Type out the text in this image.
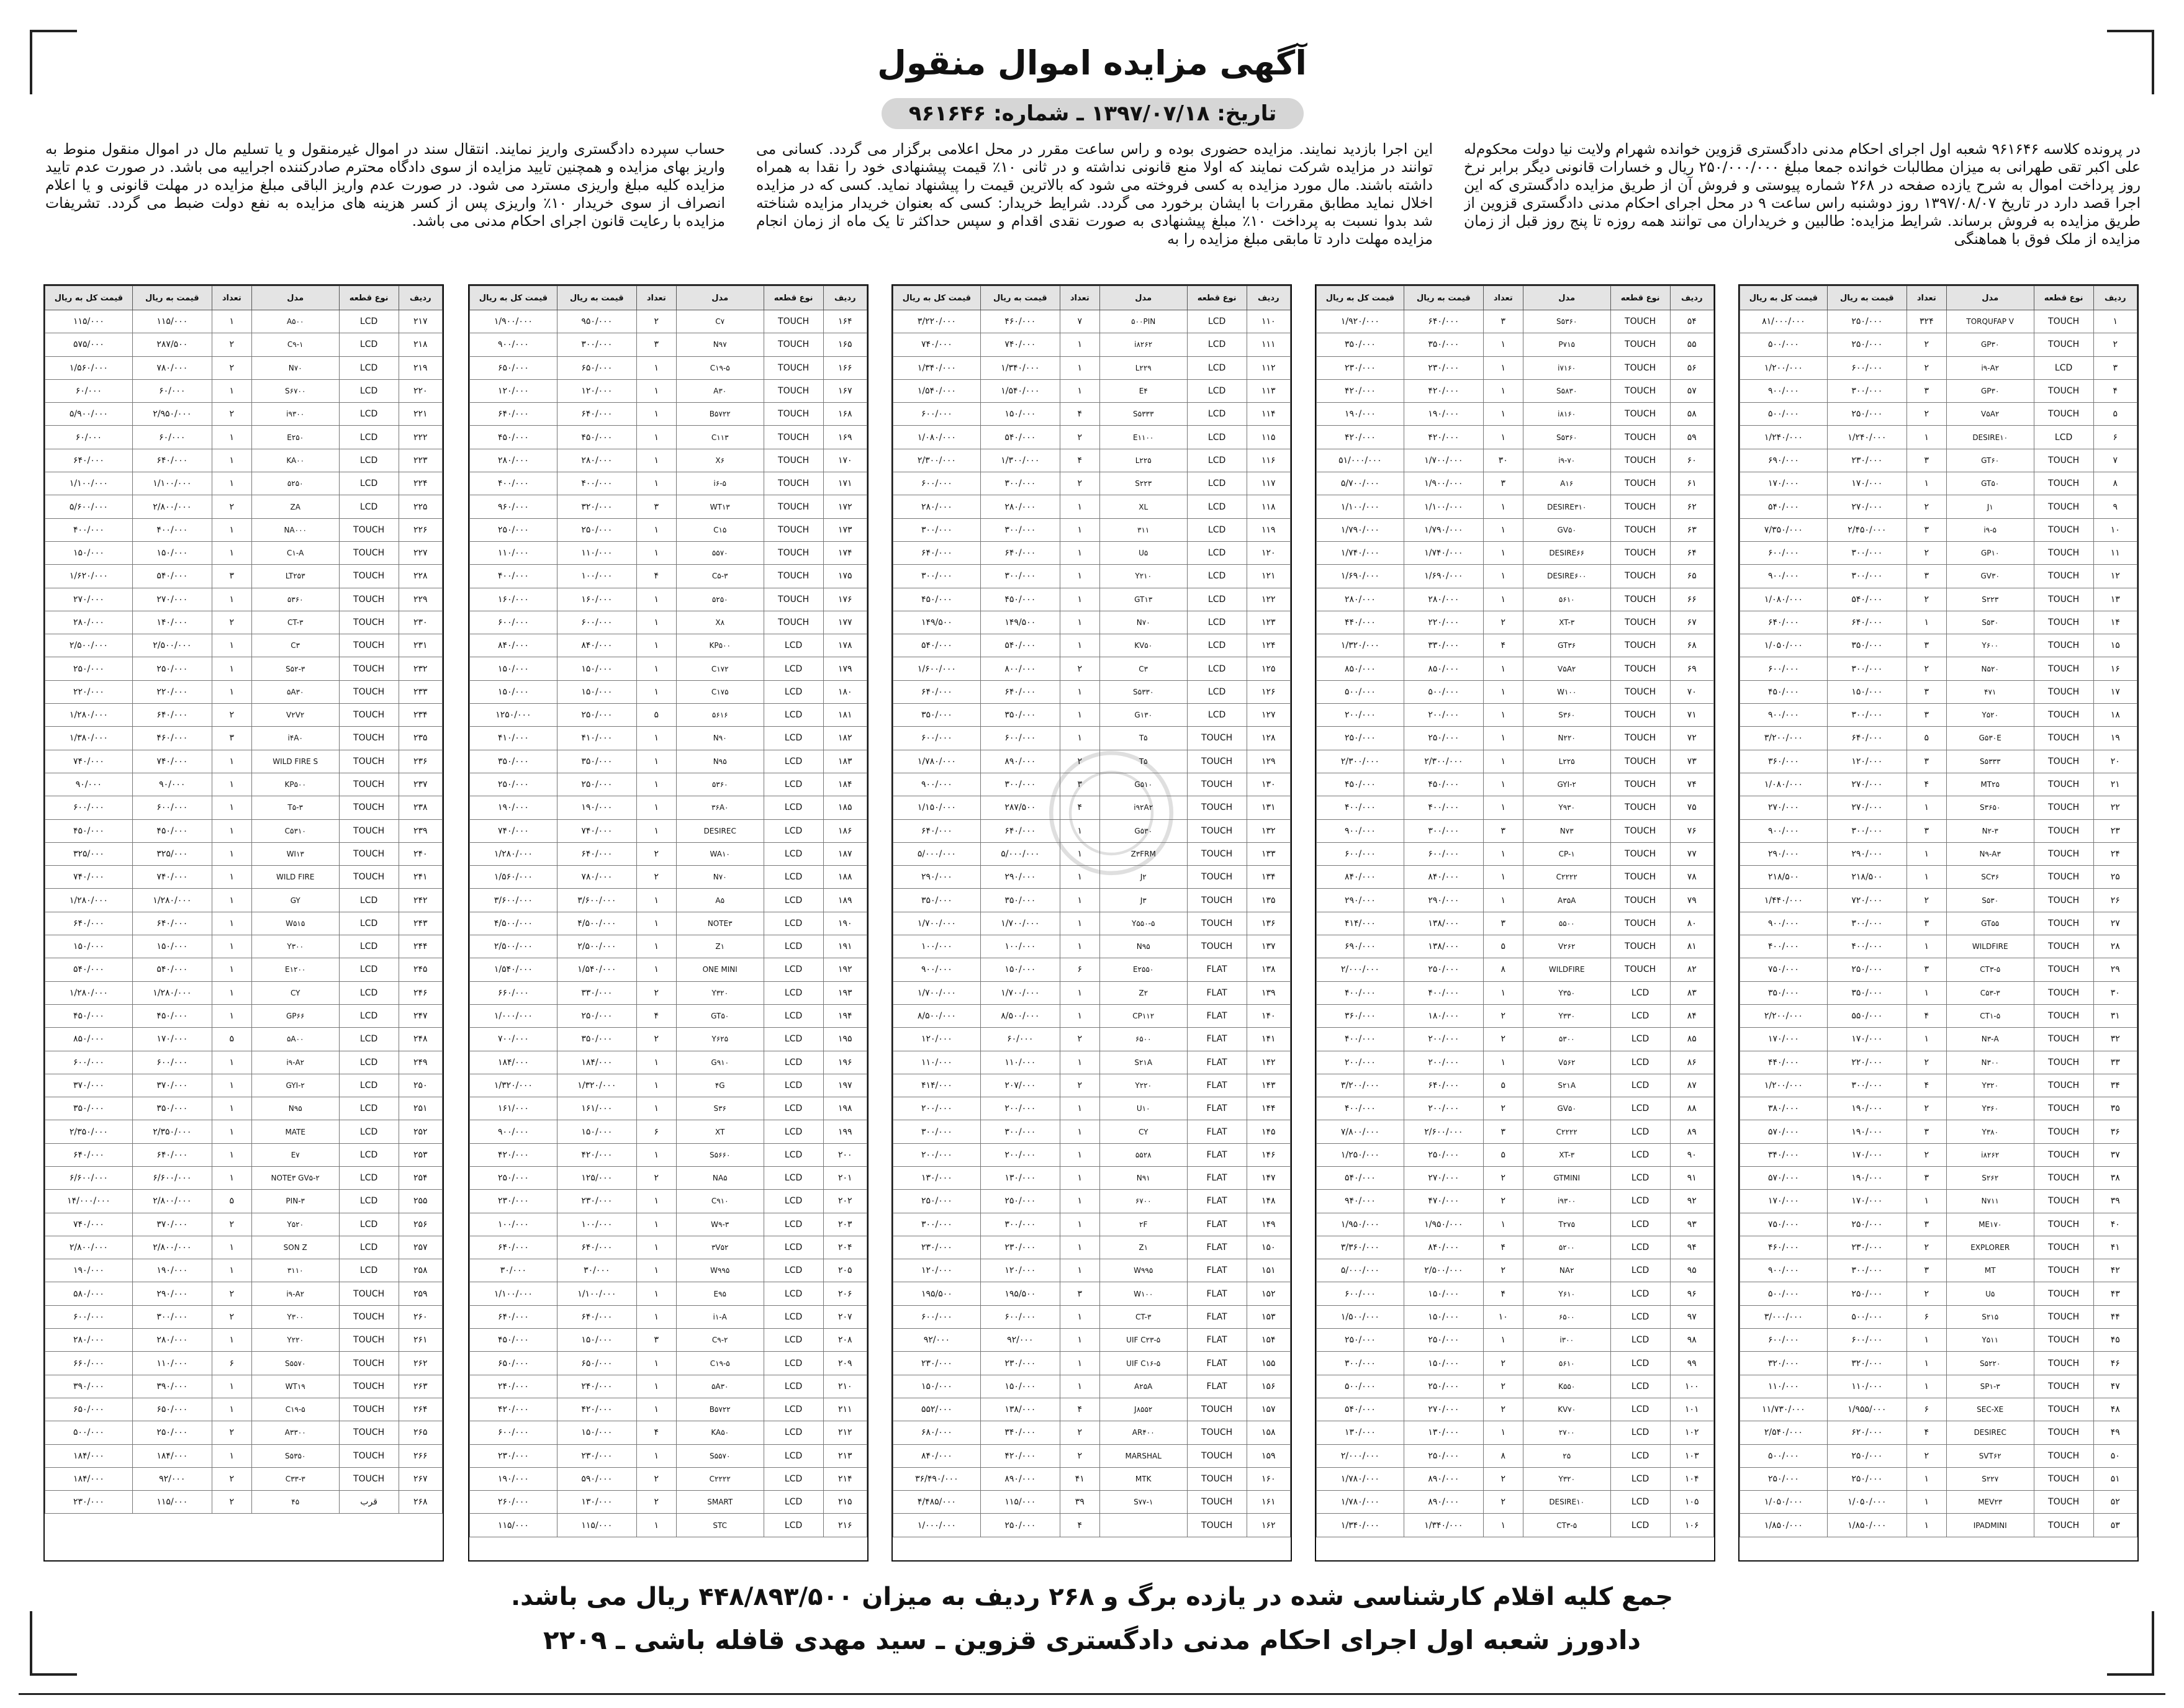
آگهی مزایده اموال منقول
تاریخ: ۱۳۹۷/۰۷/۱۸ ـ شماره: ۹۶۱۶۴۶
در پرونده کلاسه ۹۶۱۶۴۶ شعبه اول اجرای احکام مدنی دادگستری قزوین خوانده شهرام ولایت نیا دولت محکوم‌له علی اکبر تقی طهرانی به میزان مطالبات خوانده جمعا مبلغ ۲۵۰/۰۰۰/۰۰۰ ریال و خسارات قانونی دیگر برابر نرخ روز پرداخت اموال به شرح یازده صفحه در ۲۶۸ شماره پیوستی و فروش آن از طریق مزایده دادگستری که این اجرا قصد دارد در تاریخ ۱۳۹۷/۰۸/۰۷ روز دوشنبه راس ساعت ۹ در محل اجرای احکام مدنی دادگستری قزوین از طریق مزایده به فروش برساند. شرایط مزایده: طالبین و خریداران می توانند همه روزه تا پنج روز قبل از زمان مزایده از ملک فوق با هماهنگی
این اجرا بازدید نمایند. مزایده حضوری بوده و راس ساعت مقرر در محل اعلامی برگزار می گردد. کسانی می توانند در مزایده شرکت نمایند که اولا منع قانونی نداشته و در ثانی ۱۰٪ قیمت پیشنهادی خود را نقدا به همراه داشته باشند. مال مورد مزایده به کسی فروخته می شود که بالاترین قیمت را پیشنهاد نماید. کسی که در مزایده اخلال نماید مطابق مقررات با ایشان برخورد می گردد. شرایط خریدار: کسی که بعنوان خریدار مزایده شناخته شد بدوا نسبت به پرداخت ۱۰٪ مبلغ پیشنهادی به صورت نقدی اقدام و سپس حداکثر تا یک ماه از زمان انجام مزایده مهلت دارد تا مابقی مبلغ مزایده را به
حساب سپرده دادگستری واریز نمایند. انتقال سند در اموال غیرمنقول و یا تسلیم مال در اموال منقول منوط به واریز بهای مزایده و همچنین تایید مزایده از سوی دادگاه محترم صادرکننده اجراییه می باشد. در صورت عدم تایید مزایده کلیه مبلغ واریزی مسترد می شود. در صورت عدم واریز الباقی مبلغ مزایده در مهلت قانونی و یا اعلام انصراف از سوی خریدار ۱۰٪ واریزی پس از کسر هزینه های مزایده به نفع دولت ضبط می گردد. تشریفات مزایده با رعایت قانون اجرای احکام مدنی می باشد.
ردیف	نوع قطعه	مدل	تعداد	قیمت به ریال	قیمت کل به ریال
۱	TOUCH	TORQUFAP V	۳۲۴	۲۵۰/۰۰۰	۸۱/۰۰۰/۰۰۰
۲	TOUCH	GP۳۰	۲	۲۵۰/۰۰۰	۵۰۰/۰۰۰
۳	LCD	i۹-A۲	۲	۶۰۰/۰۰۰	۱/۲۰۰/۰۰۰
۴	TOUCH	GP۳۰	۳	۳۰۰/۰۰۰	۹۰۰/۰۰۰
۵	TOUCH	V۵A۲	۲	۲۵۰/۰۰۰	۵۰۰/۰۰۰
۶	LCD	DESIRE۱۰	۱	۱/۲۴۰/۰۰۰	۱/۲۴۰/۰۰۰
۷	TOUCH	GT۶۰	۳	۲۳۰/۰۰۰	۶۹۰/۰۰۰
۸	TOUCH	GT۵۰	۱	۱۷۰/۰۰۰	۱۷۰/۰۰۰
۹	TOUCH	J۱	۲	۲۷۰/۰۰۰	۵۴۰/۰۰۰
۱۰	TOUCH	i۹-۵	۳	۲/۴۵۰/۰۰۰	۷/۳۵۰/۰۰۰
۱۱	TOUCH	GP۱۰	۲	۳۰۰/۰۰۰	۶۰۰/۰۰۰
۱۲	TOUCH	GV۳۰	۳	۳۰۰/۰۰۰	۹۰۰/۰۰۰
۱۳	TOUCH	S۲۲۳	۲	۵۴۰/۰۰۰	۱/۰۸۰/۰۰۰
۱۴	TOUCH	S۵۳۰	۱	۶۴۰/۰۰۰	۶۴۰/۰۰۰
۱۵	TOUCH	Y۶۰۰	۳	۳۵۰/۰۰۰	۱/۰۵۰/۰۰۰
۱۶	TOUCH	N۵۲۰	۲	۳۰۰/۰۰۰	۶۰۰/۰۰۰
۱۷	TOUCH	۴۷۱	۳	۱۵۰/۰۰۰	۴۵۰/۰۰۰
۱۸	TOUCH	Y۵۲۰	۳	۳۰۰/۰۰۰	۹۰۰/۰۰۰
۱۹	TOUCH	G۵۳۰E	۵	۶۴۰/۰۰۰	۳/۲۰۰/۰۰۰
۲۰	TOUCH	S۵۳۳۳	۳	۱۲۰/۰۰۰	۳۶۰/۰۰۰
۲۱	TOUCH	MT۲۵	۴	۲۷۰/۰۰۰	۱/۰۸۰/۰۰۰
۲۲	TOUCH	S۳۶۵۰	۱	۲۷۰/۰۰۰	۲۷۰/۰۰۰
۲۳	TOUCH	N۲-۳	۳	۳۰۰/۰۰۰	۹۰۰/۰۰۰
۲۴	TOUCH	N۹-A۳	۱	۲۹۰/۰۰۰	۲۹۰/۰۰۰
۲۵	TOUCH	SC۳۶	۱	۲۱۸/۵۰۰	۲۱۸/۵۰۰
۲۶	TOUCH	S۵۳۰	۲	۷۲۰/۰۰۰	۱/۴۴۰/۰۰۰
۲۷	TOUCH	GT۵۵	۳	۳۰۰/۰۰۰	۹۰۰/۰۰۰
۲۸	TOUCH	WILDFIRE	۱	۴۰۰/۰۰۰	۴۰۰/۰۰۰
۲۹	TOUCH	CT۳-۵	۳	۲۵۰/۰۰۰	۷۵۰/۰۰۰
۳۰	TOUCH	C۵۳-۳	۱	۳۵۰/۰۰۰	۳۵۰/۰۰۰
۳۱	TOUCH	CT۱-۵	۴	۵۵۰/۰۰۰	۲/۲۰۰/۰۰۰
۳۲	TOUCH	N۳-A	۱	۱۷۰/۰۰۰	۱۷۰/۰۰۰
۳۳	TOUCH	N۳۰۰	۲	۲۲۰/۰۰۰	۴۴۰/۰۰۰
۳۴	TOUCH	Y۳۲۰	۴	۳۰۰/۰۰۰	۱/۲۰۰/۰۰۰
۳۵	TOUCH	Y۳۶۰	۲	۱۹۰/۰۰۰	۳۸۰/۰۰۰
۳۶	TOUCH	Y۳۸۰	۳	۱۹۰/۰۰۰	۵۷۰/۰۰۰
۳۷	TOUCH	i۸۲۶۲	۲	۱۷۰/۰۰۰	۳۴۰/۰۰۰
۳۸	TOUCH	S۲۶۲	۳	۱۹۰/۰۰۰	۵۷۰/۰۰۰
۳۹	TOUCH	N۷۱۱	۱	۱۷۰/۰۰۰	۱۷۰/۰۰۰
۴۰	TOUCH	ME۱۷۰	۳	۲۵۰/۰۰۰	۷۵۰/۰۰۰
۴۱	TOUCH	EXPLORER	۲	۲۳۰/۰۰۰	۴۶۰/۰۰۰
۴۲	TOUCH	MT	۳	۳۰۰/۰۰۰	۹۰۰/۰۰۰
۴۳	TOUCH	U۵	۲	۲۵۰/۰۰۰	۵۰۰/۰۰۰
۴۴	TOUCH	S۲۱۵	۶	۵۰۰/۰۰۰	۳/۰۰۰/۰۰۰
۴۵	TOUCH	Y۵۱۱	۱	۶۰۰/۰۰۰	۶۰۰/۰۰۰
۴۶	TOUCH	S۵۲۲۰	۱	۳۲۰/۰۰۰	۳۲۰/۰۰۰
۴۷	TOUCH	SP۱-۳	۱	۱۱۰/۰۰۰	۱۱۰/۰۰۰
۴۸	TOUCH	SEC-XE	۶	۱/۹۵۵/۰۰۰	۱۱/۷۳۰/۰۰۰
۴۹	TOUCH	DESIREC	۴	۶۲۰/۰۰۰	۲/۵۴۰/۰۰۰
۵۰	TOUCH	SVT۶۲	۲	۲۵۰/۰۰۰	۵۰۰/۰۰۰
۵۱	TOUCH	S۲۲۷	۱	۲۵۰/۰۰۰	۲۵۰/۰۰۰
۵۲	TOUCH	MEV۲۳	۱	۱/۰۵۰/۰۰۰	۱/۰۵۰/۰۰۰
۵۳	TOUCH	IPADMINI	۱	۱/۸۵۰/۰۰۰	۱/۸۵۰/۰۰۰
ردیف	نوع قطعه	مدل	تعداد	قیمت به ریال	قیمت کل به ریال
۵۴	TOUCH	S۵۳۶۰	۳	۶۴۰/۰۰۰	۱/۹۲۰/۰۰۰
۵۵	TOUCH	P۷۱۵	۱	۳۵۰/۰۰۰	۳۵۰/۰۰۰
۵۶	TOUCH	i۷۱۶۰	۱	۲۳۰/۰۰۰	۲۳۰/۰۰۰
۵۷	TOUCH	S۵۸۳۰	۱	۴۲۰/۰۰۰	۴۲۰/۰۰۰
۵۸	TOUCH	i۸۱۶۰	۱	۱۹۰/۰۰۰	۱۹۰/۰۰۰
۵۹	TOUCH	S۵۳۶۰	۱	۴۲۰/۰۰۰	۴۲۰/۰۰۰
۶۰	TOUCH	i۹-۷۰	۳۰	۱/۷۰۰/۰۰۰	۵۱/۰۰۰/۰۰۰
۶۱	TOUCH	A۱۶	۳	۱/۹۰۰/۰۰۰	۵/۷۰۰/۰۰۰
۶۲	TOUCH	DESIRE۳۱۰	۱	۱/۱۰۰/۰۰۰	۱/۱۰۰/۰۰۰
۶۳	TOUCH	GV۵۰	۱	۱/۷۹۰/۰۰۰	۱/۷۹۰/۰۰۰
۶۴	TOUCH	DESIRE۶۶	۱	۱/۷۴۰/۰۰۰	۱/۷۴۰/۰۰۰
۶۵	TOUCH	DESIRE۶۰۰	۱	۱/۶۹۰/۰۰۰	۱/۶۹۰/۰۰۰
۶۶	TOUCH	۵۶۱۰	۱	۲۸۰/۰۰۰	۲۸۰/۰۰۰
۶۷	TOUCH	XT-۳	۲	۲۲۰/۰۰۰	۴۴۰/۰۰۰
۶۸	TOUCH	GT۳۶	۴	۳۳۰/۰۰۰	۱/۳۲۰/۰۰۰
۶۹	TOUCH	V۵A۲	۱	۸۵۰/۰۰۰	۸۵۰/۰۰۰
۷۰	TOUCH	W۱۰۰	۱	۵۰۰/۰۰۰	۵۰۰/۰۰۰
۷۱	TOUCH	S۳۶۰	۱	۲۰۰/۰۰۰	۲۰۰/۰۰۰
۷۲	TOUCH	N۲۲۰	۱	۲۵۰/۰۰۰	۲۵۰/۰۰۰
۷۳	TOUCH	L۲۲۵	۱	۲/۳۰۰/۰۰۰	۲/۳۰۰/۰۰۰
۷۴	TOUCH	GYI-۲	۱	۴۵۰/۰۰۰	۴۵۰/۰۰۰
۷۵	TOUCH	Y۹۳۰	۱	۴۰۰/۰۰۰	۴۰۰/۰۰۰
۷۶	TOUCH	N۷۳	۳	۳۰۰/۰۰۰	۹۰۰/۰۰۰
۷۷	TOUCH	CP-۱	۱	۶۰۰/۰۰۰	۶۰۰/۰۰۰
۷۸	TOUCH	C۲۲۲۲	۱	۸۴۰/۰۰۰	۸۴۰/۰۰۰
۷۹	TOUCH	A۳۵A	۱	۲۹۰/۰۰۰	۲۹۰/۰۰۰
۸۰	TOUCH	۵۵۰۰	۳	۱۳۸/۰۰۰	۴۱۴/۰۰۰
۸۱	TOUCH	V۲۶۲	۵	۱۳۸/۰۰۰	۶۹۰/۰۰۰
۸۲	TOUCH	WILDFIRE	۸	۲۵۰/۰۰۰	۲/۰۰۰/۰۰۰
۸۳	LCD	Y۳۵۰	۱	۴۰۰/۰۰۰	۴۰۰/۰۰۰
۸۴	LCD	Y۳۳۰	۲	۱۸۰/۰۰۰	۳۶۰/۰۰۰
۸۵	LCD	۵۳۰۰	۲	۲۰۰/۰۰۰	۴۰۰/۰۰۰
۸۶	LCD	V۵۶۲	۱	۲۰۰/۰۰۰	۲۰۰/۰۰۰
۸۷	LCD	S۲۱A	۵	۶۴۰/۰۰۰	۳/۲۰۰/۰۰۰
۸۸	LCD	GV۵۰	۲	۲۰۰/۰۰۰	۴۰۰/۰۰۰
۸۹	LCD	C۲۲۲۲	۳	۲/۶۰۰/۰۰۰	۷/۸۰۰/۰۰۰
۹۰	LCD	XT-۳	۵	۲۵۰/۰۰۰	۱/۲۵۰/۰۰۰
۹۱	LCD	GTMINI	۲	۲۷۰/۰۰۰	۵۴۰/۰۰۰
۹۲	LCD	i۹۳۰۰	۲	۴۷۰/۰۰۰	۹۴۰/۰۰۰
۹۳	LCD	T۲۷۵	۱	۱/۹۵۰/۰۰۰	۱/۹۵۰/۰۰۰
۹۴	LCD	۵۲۰۰	۴	۸۴۰/۰۰۰	۳/۳۶۰/۰۰۰
۹۵	LCD	NA۲	۲	۲/۵۰۰/۰۰۰	۵/۰۰۰/۰۰۰
۹۶	LCD	Y۶۱۰	۴	۱۵۰/۰۰۰	۶۰۰/۰۰۰
۹۷	LCD	۶۵۰۰	۱۰	۱۵۰/۰۰۰	۱/۵۰۰/۰۰۰
۹۸	LCD	i۳۰۰	۱	۲۵۰/۰۰۰	۲۵۰/۰۰۰
۹۹	LCD	۵۶۱۰	۲	۱۵۰/۰۰۰	۳۰۰/۰۰۰
۱۰۰	LCD	K۵۵۰	۲	۲۵۰/۰۰۰	۵۰۰/۰۰۰
۱۰۱	LCD	KV۷۰	۲	۲۷۰/۰۰۰	۵۴۰/۰۰۰
۱۰۲	LCD	۲۷۰۰	۱	۱۳۰/۰۰۰	۱۳۰/۰۰۰
۱۰۳	LCD	۲۵	۸	۲۵۰/۰۰۰	۲/۰۰۰/۰۰۰
۱۰۴	LCD	Y۳۲۰	۲	۸۹۰/۰۰۰	۱/۷۸۰/۰۰۰
۱۰۵	LCD	DESIRE۱۰	۲	۸۹۰/۰۰۰	۱/۷۸۰/۰۰۰
۱۰۶	LCD	CT۳-۵	۱	۱/۳۴۰/۰۰۰	۱/۳۴۰/۰۰۰
ردیف	نوع قطعه	مدل	تعداد	قیمت به ریال	قیمت کل به ریال
۱۱۰	LCD	۵۰۰PIN	۷	۴۶۰/۰۰۰	۳/۲۲۰/۰۰۰
۱۱۱	LCD	i۸۲۶۲	۱	۷۴۰/۰۰۰	۷۴۰/۰۰۰
۱۱۲	LCD	L۲۲۹	۱	۱/۳۴۰/۰۰۰	۱/۳۴۰/۰۰۰
۱۱۳	LCD	E۴	۱	۱/۵۴۰/۰۰۰	۱/۵۴۰/۰۰۰
۱۱۴	LCD	S۵۳۳۳	۴	۱۵۰/۰۰۰	۶۰۰/۰۰۰
۱۱۵	LCD	E۱۱۰۰	۲	۵۴۰/۰۰۰	۱/۰۸۰/۰۰۰
۱۱۶	LCD	L۲۲۵	۴	۱/۳۰۰/۰۰۰	۲/۳۰۰/۰۰۰
۱۱۷	LCD	S۲۲۳	۲	۳۰۰/۰۰۰	۶۰۰/۰۰۰
۱۱۸	LCD	XL	۱	۲۸۰/۰۰۰	۲۸۰/۰۰۰
۱۱۹	LCD	۳۱۱	۱	۳۰۰/۰۰۰	۳۰۰/۰۰۰
۱۲۰	LCD	U۵	۱	۶۴۰/۰۰۰	۶۴۰/۰۰۰
۱۲۱	LCD	Y۲۱۰	۱	۳۰۰/۰۰۰	۳۰۰/۰۰۰
۱۲۲	LCD	GT۱۳	۱	۴۵۰/۰۰۰	۴۵۰/۰۰۰
۱۲۳	LCD	N۷۰	۱	۱۴۹/۵۰۰	۱۴۹/۵۰۰
۱۲۴	LCD	KV۵۰	۱	۵۴۰/۰۰۰	۵۴۰/۰۰۰
۱۲۵	LCD	C۳	۲	۸۰۰/۰۰۰	۱/۶۰۰/۰۰۰
۱۲۶	LCD	S۵۳۳۰	۱	۶۴۰/۰۰۰	۶۴۰/۰۰۰
۱۲۷	LCD	G۱۳۰	۱	۳۵۰/۰۰۰	۳۵۰/۰۰۰
۱۲۸	TOUCH	T۵	۱	۶۰۰/۰۰۰	۶۰۰/۰۰۰
۱۲۹	TOUCH	T۵	۲	۸۹۰/۰۰۰	۱/۷۸۰/۰۰۰
۱۳۰	TOUCH	G۵۱۰	۳	۳۰۰/۰۰۰	۹۰۰/۰۰۰
۱۳۱	TOUCH	i۹۲A۲	۴	۲۸۷/۵۰۰	۱/۱۵۰/۰۰۰
۱۳۲	TOUCH	G۵۳۰	۱	۶۴۰/۰۰۰	۶۴۰/۰۰۰
۱۳۳	TOUCH	Z۳FRM	۱	۵/۰۰۰/۰۰۰	۵/۰۰۰/۰۰۰
۱۳۴	TOUCH	J۲	۱	۲۹۰/۰۰۰	۲۹۰/۰۰۰
۱۳۵	TOUCH	J۳	۱	۳۵۰/۰۰۰	۳۵۰/۰۰۰
۱۳۶	TOUCH	Y۵۵۰-۵	۱	۱/۷۰۰/۰۰۰	۱/۷۰۰/۰۰۰
۱۳۷	TOUCH	N۹۵	۱	۱۰۰/۰۰۰	۱۰۰/۰۰۰
۱۳۸	FLAT	E۲۵۵۰	۶	۱۵۰/۰۰۰	۹۰۰/۰۰۰
۱۳۹	FLAT	Z۲	۱	۱/۷۰۰/۰۰۰	۱/۷۰۰/۰۰۰
۱۴۰	FLAT	CP۱۱۲	۱	۸/۵۰۰/۰۰۰	۸/۵۰۰/۰۰۰
۱۴۱	FLAT	۶۵۰۰	۲	۶۰/۰۰۰	۱۲۰/۰۰۰
۱۴۲	FLAT	S۲۱A	۱	۱۱۰/۰۰۰	۱۱۰/۰۰۰
۱۴۳	FLAT	Y۲۲۰	۲	۲۰۷/۰۰۰	۴۱۴/۰۰۰
۱۴۴	FLAT	U۱۰	۱	۲۰۰/۰۰۰	۲۰۰/۰۰۰
۱۴۵	FLAT	CY	۱	۳۰۰/۰۰۰	۳۰۰/۰۰۰
۱۴۶	FLAT	۵۵۲۸	۱	۲۰۰/۰۰۰	۲۰۰/۰۰۰
۱۴۷	FLAT	N۹۱	۱	۱۳۰/۰۰۰	۱۳۰/۰۰۰
۱۴۸	FLAT	۶۷۰۰	۱	۲۵۰/۰۰۰	۲۵۰/۰۰۰
۱۴۹	FLAT	۲F	۱	۳۰۰/۰۰۰	۳۰۰/۰۰۰
۱۵۰	FLAT	Z۱	۱	۲۳۰/۰۰۰	۲۳۰/۰۰۰
۱۵۱	FLAT	W۹۹۵	۱	۱۲۰/۰۰۰	۱۲۰/۰۰۰
۱۵۲	FLAT	W۱۰۰	۳	۱۹۵/۵۰۰	۱۹۵/۵۰۰
۱۵۳	FLAT	CT-۳	۱	۶۰۰/۰۰۰	۶۰۰/۰۰۰
۱۵۴	FLAT	UIF C۲۳-۵	۱	۹۲/۰۰۰	۹۲/۰۰۰
۱۵۵	FLAT	UIF C۱۶-۵	۱	۲۳۰/۰۰۰	۲۳۰/۰۰۰
۱۵۶	FLAT	A۲۵A	۱	۱۵۰/۰۰۰	۱۵۰/۰۰۰
۱۵۷	TOUCH	J۸۵۵۲	۴	۱۳۸/۰۰۰	۵۵۲/۰۰۰
۱۵۸	TOUCH	AR۴۰۰	۲	۳۴۰/۰۰۰	۶۸۰/۰۰۰
۱۵۹	TOUCH	MARSHAL	۲	۴۲۰/۰۰۰	۸۴۰/۰۰۰
۱۶۰	TOUCH	MTK	۴۱	۸۹۰/۰۰۰	۳۶/۴۹۰/۰۰۰
۱۶۱	TOUCH	S۷۷-۱	۳۹	۱۱۵/۰۰۰	۴/۴۸۵/۰۰۰
۱۶۲	TOUCH		۴	۲۵۰/۰۰۰	۱/۰۰۰/۰۰۰
ردیف	نوع قطعه	مدل	تعداد	قیمت به ریال	قیمت کل به ریال
۱۶۴	TOUCH	C۷	۲	۹۵۰/۰۰۰	۱/۹۰۰/۰۰۰
۱۶۵	TOUCH	N۹۷	۳	۳۰۰/۰۰۰	۹۰۰/۰۰۰
۱۶۶	TOUCH	C۱۹-۵	۱	۶۵۰/۰۰۰	۶۵۰/۰۰۰
۱۶۷	TOUCH	A۳۰	۱	۱۲۰/۰۰۰	۱۲۰/۰۰۰
۱۶۸	TOUCH	B۵۷۲۲	۱	۶۴۰/۰۰۰	۶۴۰/۰۰۰
۱۶۹	TOUCH	C۱۱۳	۱	۴۵۰/۰۰۰	۴۵۰/۰۰۰
۱۷۰	TOUCH	X۶	۱	۲۸۰/۰۰۰	۲۸۰/۰۰۰
۱۷۱	TOUCH	i۶-۵	۱	۴۰۰/۰۰۰	۴۰۰/۰۰۰
۱۷۲	TOUCH	WT۱۳	۳	۳۲۰/۰۰۰	۹۶۰/۰۰۰
۱۷۳	TOUCH	C۱۵	۱	۲۵۰/۰۰۰	۲۵۰/۰۰۰
۱۷۴	TOUCH	۵۵۷۰	۱	۱۱۰/۰۰۰	۱۱۰/۰۰۰
۱۷۵	TOUCH	C۵-۳	۴	۱۰۰/۰۰۰	۴۰۰/۰۰۰
۱۷۶	TOUCH	۵۲۵۰	۱	۱۶۰/۰۰۰	۱۶۰/۰۰۰
۱۷۷	TOUCH	X۸	۱	۶۰۰/۰۰۰	۶۰۰/۰۰۰
۱۷۸	LCD	KP۵۰۰	۱	۸۴۰/۰۰۰	۸۴۰/۰۰۰
۱۷۹	LCD	C۱۷۲	۱	۱۵۰/۰۰۰	۱۵۰/۰۰۰
۱۸۰	LCD	C۱۷۵	۱	۱۵۰/۰۰۰	۱۵۰/۰۰۰
۱۸۱	LCD	۵۶۱۶	۵	۲۵۰/۰۰۰	۱۲۵۰/۰۰۰
۱۸۲	LCD	N۹۰	۱	۴۱۰/۰۰۰	۴۱۰/۰۰۰
۱۸۳	LCD	N۹۵	۱	۳۵۰/۰۰۰	۳۵۰/۰۰۰
۱۸۴	LCD	۵۳۶۰	۱	۲۵۰/۰۰۰	۲۵۰/۰۰۰
۱۸۵	LCD	۳۶A۰	۱	۱۹۰/۰۰۰	۱۹۰/۰۰۰
۱۸۶	LCD	DESIREC	۱	۷۴۰/۰۰۰	۷۴۰/۰۰۰
۱۸۷	LCD	WA۱۰	۲	۶۴۰/۰۰۰	۱/۲۸۰/۰۰۰
۱۸۸	LCD	N۷۰	۲	۷۸۰/۰۰۰	۱/۵۶۰/۰۰۰
۱۸۹	LCD	A۵	۱	۳/۶۰۰/۰۰۰	۳/۶۰۰/۰۰۰
۱۹۰	LCD	NOTE۳	۱	۴/۵۰۰/۰۰۰	۴/۵۰۰/۰۰۰
۱۹۱	LCD	Z۱	۱	۲/۵۰۰/۰۰۰	۲/۵۰۰/۰۰۰
۱۹۲	LCD	ONE MINI	۱	۱/۵۴۰/۰۰۰	۱/۵۴۰/۰۰۰
۱۹۳	LCD	Y۳۲۰	۲	۳۳۰/۰۰۰	۶۶۰/۰۰۰
۱۹۴	LCD	GT۵۰	۴	۲۵۰/۰۰۰	۱/۰۰۰/۰۰۰
۱۹۵	LCD	Y۶۲۵	۲	۳۵۰/۰۰۰	۷۰۰/۰۰۰
۱۹۶	LCD	G۹۱۰	۱	۱۸۴/۰۰۰	۱۸۴/۰۰۰
۱۹۷	LCD	۴G	۱	۱/۳۲۰/۰۰۰	۱/۳۲۰/۰۰۰
۱۹۸	LCD	S۳۶	۱	۱۶۱/۰۰۰	۱۶۱/۰۰۰
۱۹۹	LCD	XT	۶	۱۵۰/۰۰۰	۹۰۰/۰۰۰
۲۰۰	LCD	S۵۶۶۰	۱	۴۲۰/۰۰۰	۴۲۰/۰۰۰
۲۰۱	LCD	NA۵	۲	۱۲۵/۰۰۰	۲۵۰/۰۰۰
۲۰۲	LCD	C۹۱۰	۱	۲۳۰/۰۰۰	۲۳۰/۰۰۰
۲۰۳	LCD	W۹-۳	۱	۱۰۰/۰۰۰	۱۰۰/۰۰۰
۲۰۴	LCD	۳V۵۲	۱	۶۴۰/۰۰۰	۶۴۰/۰۰۰
۲۰۵	LCD	W۹۹۵	۱	۳۰/۰۰۰	۳۰/۰۰۰
۲۰۶	LCD	E۹۵	۱	۱/۱۰۰/۰۰۰	۱/۱۰۰/۰۰۰
۲۰۷	LCD	i۱-A	۱	۶۴۰/۰۰۰	۶۴۰/۰۰۰
۲۰۸	LCD	C۹-۲	۳	۱۵۰/۰۰۰	۴۵۰/۰۰۰
۲۰۹	LCD	C۱۹-۵	۱	۶۵۰/۰۰۰	۶۵۰/۰۰۰
۲۱۰	LCD	۵A۳۰	۱	۲۴۰/۰۰۰	۲۴۰/۰۰۰
۲۱۱	LCD	B۵۷۲۲	۱	۴۲۰/۰۰۰	۴۲۰/۰۰۰
۲۱۲	LCD	KA۵۰	۴	۱۵۰/۰۰۰	۶۰۰/۰۰۰
۲۱۳	LCD	S۵۵۷۰	۱	۲۳۰/۰۰۰	۲۳۰/۰۰۰
۲۱۴	LCD	C۲۲۲۲	۲	۵۹۰/۰۰۰	۱۹۰/۰۰۰
۲۱۵	LCD	SMART	۲	۱۳۰/۰۰۰	۲۶۰/۰۰۰
۲۱۶	LCD	STC	۱	۱۱۵/۰۰۰	۱۱۵/۰۰۰
ردیف	نوع قطعه	مدل	تعداد	قیمت به ریال	قیمت کل به ریال
۲۱۷	LCD	A۵۰۰	۱	۱۱۵/۰۰۰	۱۱۵/۰۰۰
۲۱۸	LCD	C۹-۱	۲	۲۸۷/۵۰۰	۵۷۵/۰۰۰
۲۱۹	LCD	N۷۰	۲	۷۸۰/۰۰۰	۱/۵۶۰/۰۰۰
۲۲۰	LCD	S۶۷۰۰	۱	۶۰/۰۰۰	۶۰/۰۰۰
۲۲۱	LCD	i۹۳۰۰	۲	۲/۹۵۰/۰۰۰	۵/۹۰۰/۰۰۰
۲۲۲	LCD	E۲۵۰	۱	۶۰/۰۰۰	۶۰/۰۰۰
۲۲۳	LCD	KA۰۰	۱	۶۴۰/۰۰۰	۶۴۰/۰۰۰
۲۲۴	LCD	۵۲۵۰	۱	۱/۱۰۰/۰۰۰	۱/۱۰۰/۰۰۰
۲۲۵	LCD	ZA	۲	۲/۸۰۰/۰۰۰	۵/۶۰۰/۰۰۰
۲۲۶	TOUCH	NA۰۰۰	۱	۴۰۰/۰۰۰	۴۰۰/۰۰۰
۲۲۷	TOUCH	C۱-A	۱	۱۵۰/۰۰۰	۱۵۰/۰۰۰
۲۲۸	TOUCH	LT۲۵۳	۳	۵۴۰/۰۰۰	۱/۶۲۰/۰۰۰
۲۲۹	TOUCH	۵۳۶۰	۱	۲۷۰/۰۰۰	۲۷۰/۰۰۰
۲۳۰	TOUCH	CT-۳	۲	۱۴۰/۰۰۰	۲۸۰/۰۰۰
۲۳۱	TOUCH	C۳	۱	۲/۵۰۰/۰۰۰	۲/۵۰۰/۰۰۰
۲۳۲	TOUCH	S۵۲-۳	۱	۲۵۰/۰۰۰	۲۵۰/۰۰۰
۲۳۳	TOUCH	۵A۳۰	۱	۲۲۰/۰۰۰	۲۲۰/۰۰۰
۲۳۴	TOUCH	V۲V۲	۲	۶۴۰/۰۰۰	۱/۲۸۰/۰۰۰
۲۳۵	TOUCH	i۴A۰	۳	۴۶۰/۰۰۰	۱/۳۸۰/۰۰۰
۲۳۶	TOUCH	WILD FIRE S	۱	۷۴۰/۰۰۰	۷۴۰/۰۰۰
۲۳۷	TOUCH	KP۵۰۰	۱	۹۰/۰۰۰	۹۰/۰۰۰
۲۳۸	TOUCH	T۵-۳	۱	۶۰۰/۰۰۰	۶۰۰/۰۰۰
۲۳۹	TOUCH	C۵۳۱۰	۱	۴۵۰/۰۰۰	۴۵۰/۰۰۰
۲۴۰	TOUCH	WI۱۳	۱	۳۲۵/۰۰۰	۳۲۵/۰۰۰
۲۴۱	TOUCH	WILD FIRE	۱	۷۴۰/۰۰۰	۷۴۰/۰۰۰
۲۴۲	LCD	GY	۱	۱/۲۸۰/۰۰۰	۱/۲۸۰/۰۰۰
۲۴۳	LCD	W۵۱۵	۱	۶۴۰/۰۰۰	۶۴۰/۰۰۰
۲۴۴	LCD	Y۳۰۰	۱	۱۵۰/۰۰۰	۱۵۰/۰۰۰
۲۴۵	LCD	E۱۲۰۰	۱	۵۴۰/۰۰۰	۵۴۰/۰۰۰
۲۴۶	LCD	CY	۱	۱/۲۸۰/۰۰۰	۱/۲۸۰/۰۰۰
۲۴۷	LCD	GP۶۶	۱	۴۵۰/۰۰۰	۴۵۰/۰۰۰
۲۴۸	LCD	۵A۰۰	۵	۱۷۰/۰۰۰	۸۵۰/۰۰۰
۲۴۹	LCD	i۹-A۲	۱	۶۰۰/۰۰۰	۶۰۰/۰۰۰
۲۵۰	LCD	GYI-۲	۱	۳۷۰/۰۰۰	۳۷۰/۰۰۰
۲۵۱	LCD	N۹۵	۱	۳۵۰/۰۰۰	۳۵۰/۰۰۰
۲۵۲	LCD	MATE	۱	۲/۳۵۰/۰۰۰	۲/۳۵۰/۰۰۰
۲۵۳	LCD	E۷	۱	۶۴۰/۰۰۰	۶۴۰/۰۰۰
۲۵۴	LCD	NOTE۳ GV۵-۲	۱	۶/۶۰۰/۰۰۰	۶/۶۰۰/۰۰۰
۲۵۵	LCD	۳-PIN	۵	۲/۸۰۰/۰۰۰	۱۴/۰۰۰/۰۰۰
۲۵۶	LCD	Y۵۲۰	۲	۳۷۰/۰۰۰	۷۴۰/۰۰۰
۲۵۷	LCD	SON Z	۱	۲/۸۰۰/۰۰۰	۲/۸۰۰/۰۰۰
۲۵۸	LCD	۳۱۱۰	۱	۱۹۰/۰۰۰	۱۹۰/۰۰۰
۲۵۹	TOUCH	i۹-A۲	۲	۲۹۰/۰۰۰	۵۸۰/۰۰۰
۲۶۰	TOUCH	Y۳۰۰	۲	۳۰۰/۰۰۰	۶۰۰/۰۰۰
۲۶۱	TOUCH	Y۲۲۰	۱	۲۸۰/۰۰۰	۲۸۰/۰۰۰
۲۶۲	TOUCH	S۵۵۷۰	۶	۱۱۰/۰۰۰	۶۶۰/۰۰۰
۲۶۳	TOUCH	WT۱۹	۱	۳۹۰/۰۰۰	۳۹۰/۰۰۰
۲۶۴	TOUCH	C۱۹-۵	۱	۶۵۰/۰۰۰	۶۵۰/۰۰۰
۲۶۵	TOUCH	A۳۳۰۰	۲	۲۵۰/۰۰۰	۵۰۰/۰۰۰
۲۶۶	TOUCH	S۵۳۵۰	۱	۱۸۴/۰۰۰	۱۸۴/۰۰۰
۲۶۷	TOUCH	C۳۳-۳	۲	۹۲/۰۰۰	۱۸۴/۰۰۰
۲۶۸	قرب	۴۵	۲	۱۱۵/۰۰۰	۲۳۰/۰۰۰
جمع کلیه اقلام کارشناسی شده در یازده برگ و ۲۶۸ ردیف به میزان ۴۴۸/۸۹۳/۵۰۰ ریال می باشد.
دادورز شعبه اول اجرای احکام مدنی دادگستری قزوین ـ سید مهدی قافله باشی ـ ۲۲۰۹
